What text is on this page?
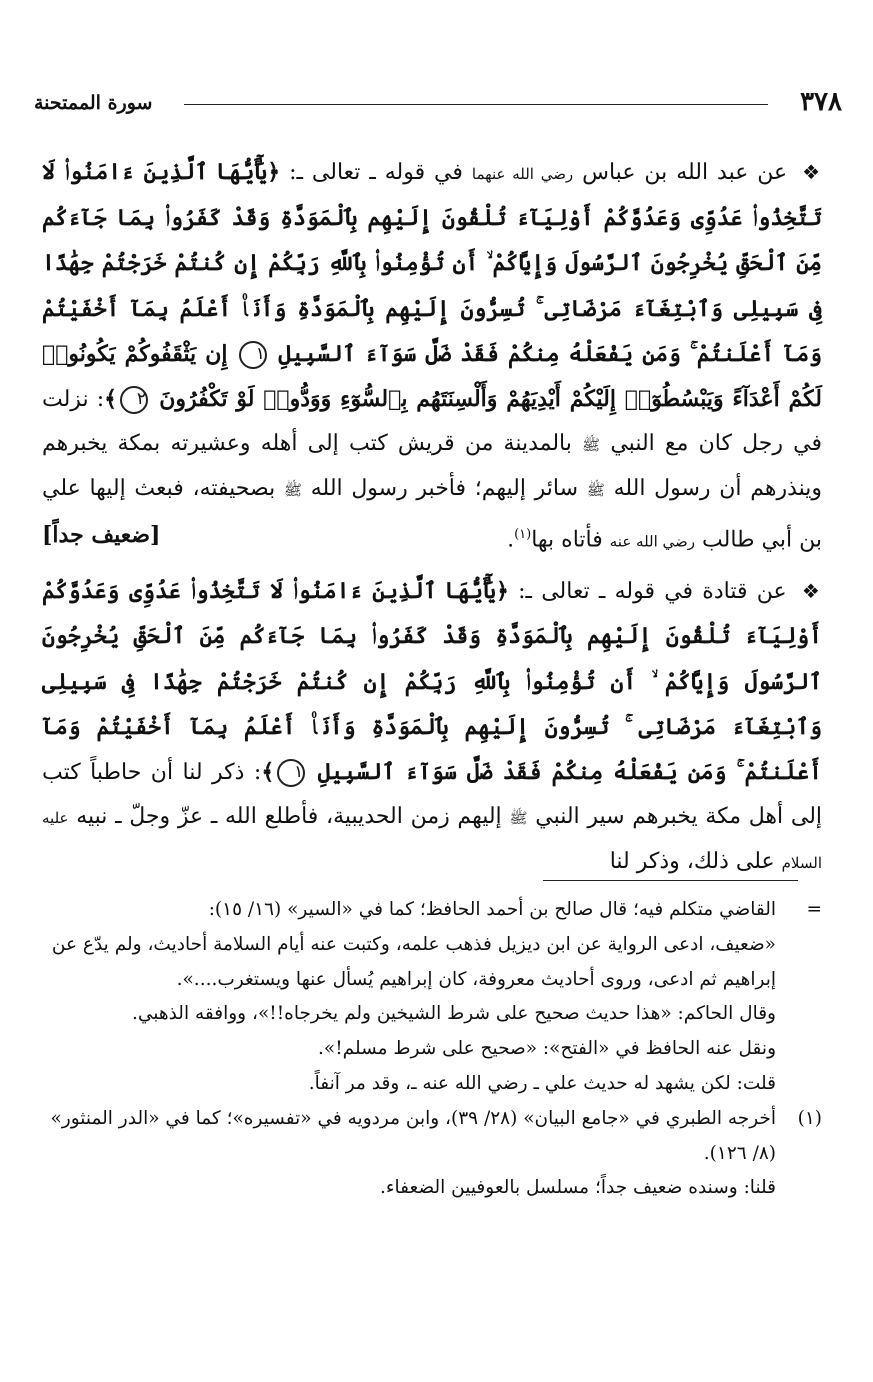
٣٧٨
سورة الممتحنة

❖ عن عبد الله بن عباس رضي الله عنهما في قوله ـ تعالى ـ: ﴿يَٰٓأَيُّهَا ٱلَّذِينَ ءَامَنُوا۟ لَا تَتَّخِذُوا۟ عَدُوِّى وَعَدُوَّكُمْ أَوْلِيَآءَ تُلْقُونَ إِلَيْهِم بِٱلْمَوَدَّةِ وَقَدْ كَفَرُوا۟ بِمَا جَآءَكُم مِّنَ ٱلْحَقِّ يُخْرِجُونَ ٱلرَّسُولَ وَإِيَّاكُمْ ۙ أَن تُؤْمِنُوا۟ بِٱللَّهِ رَبِّكُمْ إِن كُنتُمْ خَرَجْتُمْ جِهَٰدًا فِى سَبِيلِى وَٱبْتِغَآءَ مَرْضَاتِى ۚ تُسِرُّونَ إِلَيْهِم بِٱلْمَوَدَّةِ وَأَنَا۠ أَعْلَمُ بِمَآ أَخْفَيْتُمْ وَمَآ أَعْلَنتُمْ ۚ وَمَن يَفْعَلْهُ مِنكُمْ فَقَدْ ضَلَّ سَوَآءَ ٱلسَّبِيلِ ١ إِن يَثْقَفُوكُمْ يَكُونُوا۟ لَكُمْ أَعْدَآءً وَيَبْسُطُوٓا۟ إِلَيْكُمْ أَيْدِيَهُمْ وَأَلْسِنَتَهُم بِٱلسُّوٓءِ وَوَدُّوا۟ لَوْ تَكْفُرُونَ ٢﴾: نزلت في رجل كان مع النبي ﷺ بالمدينة من قريش كتب إلى أهله وعشيرته بمكة يخبرهم وينذرهم أن رسول الله ﷺ سائر إليهم؛ فأخبر رسول الله ﷺ بصحيفته، فبعث إليها علي بن أبي طالب رضي الله عنه فأتاه بها$^{(١)}$.
[ضعيف جداً]

❖ عن قتادة في قوله ـ تعالى ـ: ﴿يَٰٓأَيُّهَا ٱلَّذِينَ ءَامَنُوا۟ لَا تَتَّخِذُوا۟ عَدُوِّى وَعَدُوَّكُمْ أَوْلِيَآءَ تُلْقُونَ إِلَيْهِم بِٱلْمَوَدَّةِ وَقَدْ كَفَرُوا۟ بِمَا جَآءَكُم مِّنَ ٱلْحَقِّ يُخْرِجُونَ ٱلرَّسُولَ وَإِيَّاكُمْ ۙ أَن تُؤْمِنُوا۟ بِٱللَّهِ رَبِّكُمْ إِن كُنتُمْ خَرَجْتُمْ جِهَٰدًا فِى سَبِيلِى وَٱبْتِغَآءَ مَرْضَاتِى ۚ تُسِرُّونَ إِلَيْهِم بِٱلْمَوَدَّةِ وَأَنَا۠ أَعْلَمُ بِمَآ أَخْفَيْتُمْ وَمَآ أَعْلَنتُمْ ۚ وَمَن يَفْعَلْهُ مِنكُمْ فَقَدْ ضَلَّ سَوَآءَ ٱلسَّبِيلِ ١﴾: ذكر لنا أن حاطباً كتب إلى أهل مكة يخبرهم سير النبي ﷺ إليهم زمن الحديبية، فأطلع الله ـ عزّ وجلّ ـ نبيه عليه السلام على ذلك، وذكر لنا

=

القاضي متكلم فيه؛ قال صالح بن أحمد الحافظ؛ كما في «السير» (١٦/ ١٥):

«ضعيف، ادعى الرواية عن ابن ديزيل فذهب علمه، وكتبت عنه أيام السلامة أحاديث، ولم يدّع عن إبراهيم ثم ادعى، وروى أحاديث معروفة، كان إبراهيم يُسأل عنها ويستغرب....».

وقال الحاكم: «هذا حديث صحيح على شرط الشيخين ولم يخرجاه!!»، ووافقه الذهبي.

ونقل عنه الحافظ في «الفتح»: «صحيح على شرط مسلم!».

قلت: لكن يشهد له حديث علي ـ رضي الله عنه ـ، وقد مر آنفاً.

(١)

أخرجه الطبري في «جامع البيان» (٢٨/ ٣٩)، وابن مردويه في «تفسيره»؛ كما في «الدر المنثور» (٨/ ١٢٦).

قلنا: وسنده ضعيف جداً؛ مسلسل بالعوفيين الضعفاء.
